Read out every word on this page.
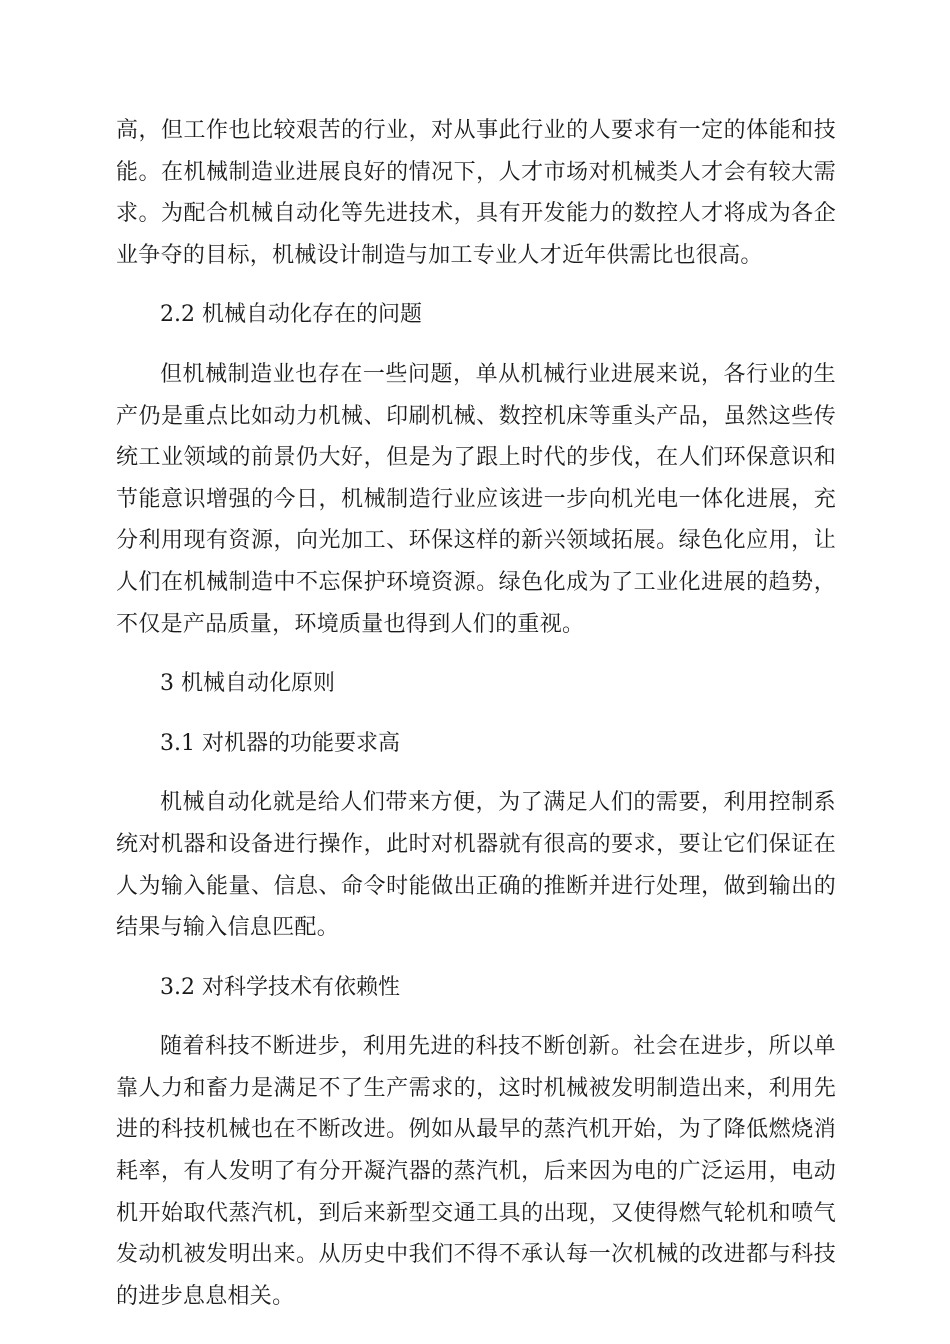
高，但工作也比较艰苦的行业，对从事此行业的人要求有一定的体能和技能。在机械制造业进展良好的情况下，人才市场对机械类人才会有较大需求。为配合机械自动化等先进技术，具有开发能力的数控人才将成为各企业争夺的目标，机械设计制造与加工专业人才近年供需比也很高。

2.2 机械自动化存在的问题

但机械制造业也存在一些问题，单从机械行业进展来说，各行业的生产仍是重点比如动力机械、印刷机械、数控机床等重头产品，虽然这些传统工业领域的前景仍大好，但是为了跟上时代的步伐，在人们环保意识和节能意识增强的今日，机械制造行业应该进一步向机光电一体化进展，充分利用现有资源，向光加工、环保这样的新兴领域拓展。绿色化应用，让人们在机械制造中不忘保护环境资源。绿色化成为了工业化进展的趋势，不仅是产品质量，环境质量也得到人们的重视。

3 机械自动化原则

3.1 对机器的功能要求高

机械自动化就是给人们带来方便，为了满足人们的需要，利用控制系统对机器和设备进行操作，此时对机器就有很高的要求，要让它们保证在人为输入能量、信息、命令时能做出正确的推断并进行处理，做到输出的结果与输入信息匹配。

3.2 对科学技术有依赖性

随着科技不断进步，利用先进的科技不断创新。社会在进步，所以单靠人力和畜力是满足不了生产需求的，这时机械被发明制造出来，利用先进的科技机械也在不断改进。例如从最早的蒸汽机开始，为了降低燃烧消耗率，有人发明了有分开凝汽器的蒸汽机，后来因为电的广泛运用，电动机开始取代蒸汽机，到后来新型交通工具的出现，又使得燃气轮机和喷气发动机被发明出来。从历史中我们不得不承认每一次机械的改进都与科技的进步息息相关。
